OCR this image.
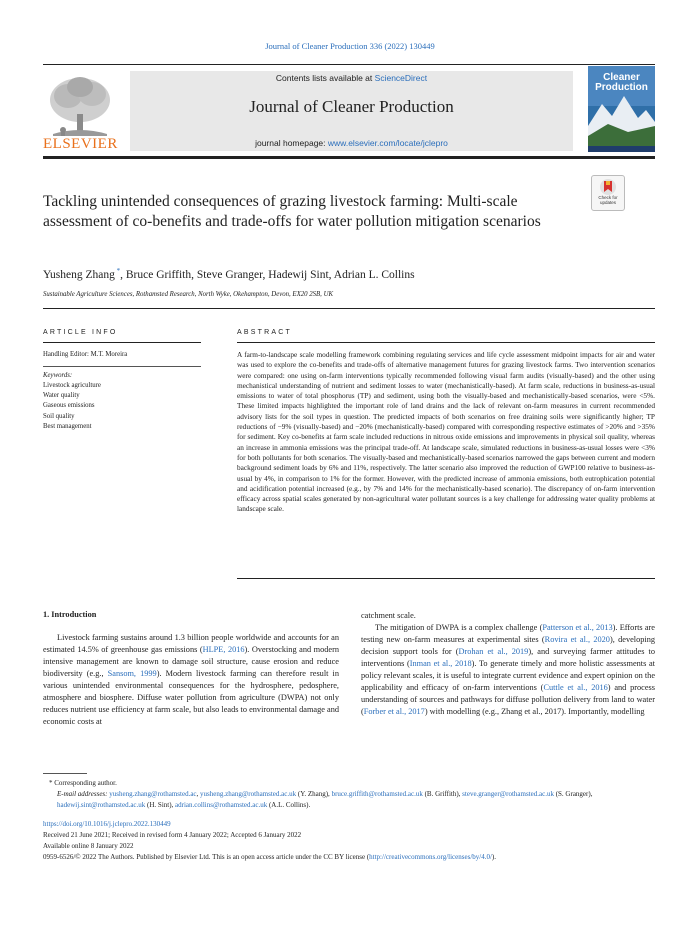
Journal of Cleaner Production 336 (2022) 130449
ELSEVIER
Contents lists available at ScienceDirect
Journal of Cleaner Production
journal homepage: www.elsevier.com/locate/jclepro
Cleaner
Production
Check for updates
Tackling unintended consequences of grazing livestock farming: Multi-scale assessment of co-benefits and trade-offs for water pollution mitigation scenarios
Yusheng Zhang *, Bruce Griffith, Steve Granger, Hadewij Sint, Adrian L. Collins
Sustainable Agriculture Sciences, Rothamsted Research, North Wyke, Okehampton, Devon, EX20 2SB, UK
ARTICLE INFO
Handling Editor: M.T. Moreira
Keywords:
Livestock agriculture
Water quality
Gaseous emissions
Soil quality
Best management
ABSTRACT
A farm-to-landscape scale modelling framework combining regulating services and life cycle assessment midpoint impacts for air and water was used to explore the co-benefits and trade-offs of alternative management futures for grazing livestock farms. Two intervention scenarios were compared: one using on-farm interventions typically recommended following visual farm audits (visually-based) and the other using mechanistical understanding of nutrient and sediment losses to water (mechanistically-based). At farm scale, reductions in business-as-usual emissions to water of total phosphorus (TP) and sediment, using both the visually-based and mechanistically-based scenarios, were <5%. These limited impacts highlighted the important role of land drains and the lack of relevant on-farm measures in current recommended advisory lists for the soil types in question. The predicted impacts of both scenarios on free draining soils were significantly higher; TP reductions of −9% (visually-based) and −20% (mechanistically-based) compared with corresponding respective estimates of >20% and >35% for sediment. Key co-benefits at farm scale included reductions in nitrous oxide emissions and improvements in physical soil quality, whereas an increase in ammonia emissions was the principal trade-off. At landscape scale, simulated reductions in business-as-usual losses were <3% for both pollutants for both scenarios. The visually-based and mechanistically-based scenarios narrowed the gaps between current and modern background sediment loads by 6% and 11%, respectively. The latter scenario also improved the reduction of GWP100 relative to business-as-usual by 4%, in comparison to 1% for the former. However, with the predicted increase of ammonia emissions, both eutrophication potential and acidification potential increased (e.g., by 7% and 14% for the mechanistically-based scenario). The discrepancy of on-farm intervention efficacy across spatial scales generated by non-agricultural water pollutant sources is a key challenge for addressing water quality problems at landscape scale.
1. Introduction
Livestock farming sustains around 1.3 billion people worldwide and accounts for an estimated 14.5% of greenhouse gas emissions (HLPE, 2016). Overstocking and modern intensive management are known to damage soil structure, cause erosion and reduce biodiversity (e.g., Sansom, 1999). Modern livestock farming can therefore result in various unintended environmental consequences for the hydrosphere, pedosphere, atmosphere and biosphere. Diffuse water pollution from agriculture (DWPA) not only reduces nutrient use efficiency at farm scale, but also leads to environmental damage and economic costs at
catchment scale.
The mitigation of DWPA is a complex challenge (Patterson et al., 2013). Efforts are testing new on-farm measures at experimental sites (Rovira et al., 2020), developing decision support tools for (Drohan et al., 2019), and surveying farmer attitudes to interventions (Inman et al., 2018). To generate timely and more holistic assessments at policy relevant scales, it is useful to integrate current evidence and expert opinion on the applicability and efficacy of on-farm interventions (Cuttle et al., 2016) and process understanding of sources and pathways for diffuse pollution delivery from land to water (Forber et al., 2017) with modelling (e.g., Zhang et al., 2017). Importantly, modelling
* Corresponding author.
E-mail addresses: yusheng.zhang@rothamsted.ac, yusheng.zhang@rothamsted.ac.uk (Y. Zhang), bruce.griffith@rothamsted.ac.uk (B. Griffith), steve.granger@rothamsted.ac.uk (S. Granger), hadewij.sint@rothamsted.ac.uk (H. Sint), adrian.collins@rothamsted.ac.uk (A.L. Collins).
https://doi.org/10.1016/j.jclepro.2022.130449
Received 21 June 2021; Received in revised form 4 January 2022; Accepted 6 January 2022
Available online 8 January 2022
0959-6526/© 2022 The Authors. Published by Elsevier Ltd. This is an open access article under the CC BY license (http://creativecommons.org/licenses/by/4.0/).
